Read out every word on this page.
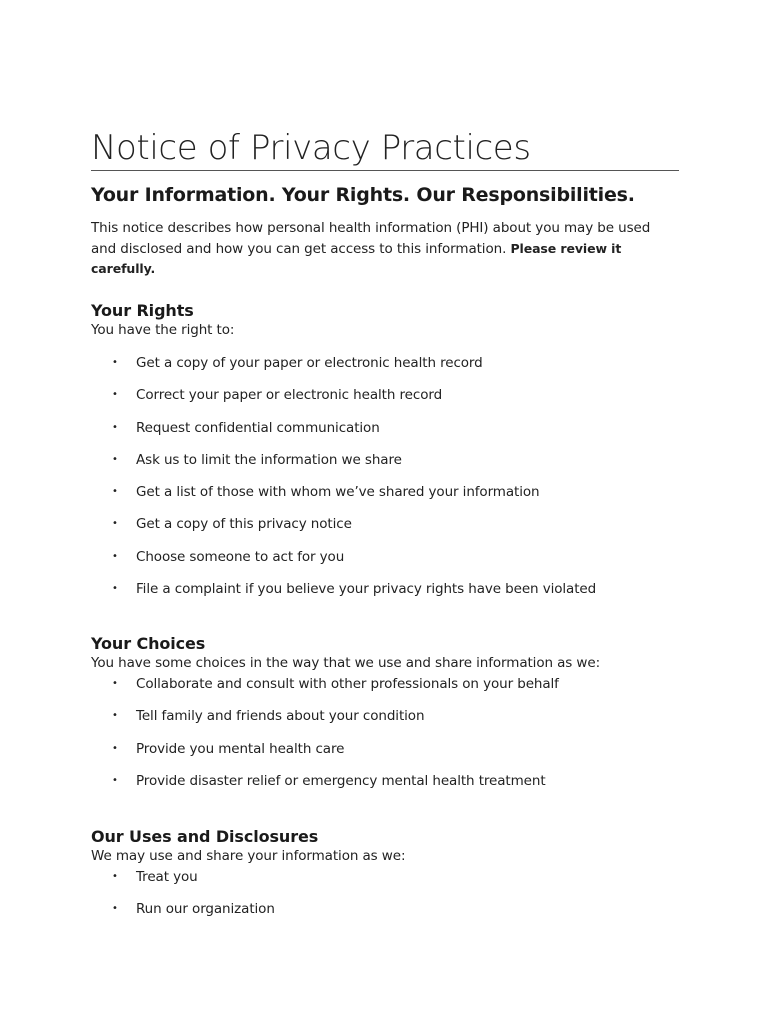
Notice of Privacy Practices
Your Information. Your Rights. Our Responsibilities.

This notice describes how personal health information (PHI) about you may be used and disclosed and how you can get access to this information. Please review it carefully.

Your Rights

You have the right to:

• Get a copy of your paper or electronic health record
• Correct your paper or electronic health record
• Request confidential communication
• Ask us to limit the information we share
• Get a list of those with whom we’ve shared your information
• Get a copy of this privacy notice
• Choose someone to act for you
• File a complaint if you believe your privacy rights have been violated
Your Choices

You have some choices in the way that we use and share information as we:

• Collaborate and consult with other professionals on your behalf
• Tell family and friends about your condition
• Provide you mental health care
• Provide disaster relief or emergency mental health treatment
Our Uses and Disclosures

We may use and share your information as we:

• Treat you
• Run our organization
